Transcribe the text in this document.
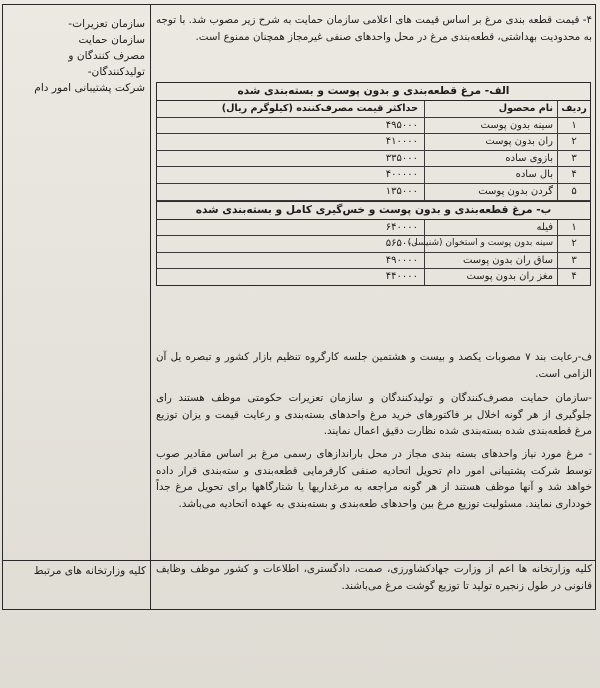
سازمان تعزیرات-
سازمان حمایت
مصرف کنندگان و
تولیدکنندگان-
شرکت پشتیبانی امور دام
۴- قیمت قطعه بندی مرغ بر اساس قیمت های اعلامی سازمان حمایت به شرح زیر مصوب شد. با توجه به محدودیت بهداشتی، قطعه‌بندی مرغ در محل واحدهای صنفی غیرمجاز همچنان ممنوع است.
الف- مرغ قطعه‌بندی و بدون پوست و بسته‌بندی شده
ردیف
نام محصول
حداکثر قیمت مصرف‌کننده (کیلوگرم ریال)
۱
سینه بدون پوست
۴۹۵۰۰۰
۲
ران بدون پوست
۴۱۰۰۰۰
۳
بازوی ساده
۳۳۵۰۰۰
۴
بال ساده
۴۰۰۰۰۰
۵
گردن بدون پوست
۱۳۵۰۰۰
ب- مرغ قطعه‌بندی و بدون پوست و خس‌گیری کامل و بسته‌بندی شده
۱
فیله
۶۴۰۰۰۰
۲
سینه بدون پوست و استخوان (شنیسل)
۵۶۵۰۰۰
۳
ساق ران بدون پوست
۴۹۰۰۰۰
۴
مغز ران بدون پوست
۴۴۰۰۰۰
ف-رعایت بند ۷ مصوبات یکصد و بیست و هشتمین جلسه کارگروه تنظیم بازار کشور و تبصره یل آن الزامی است.
-سازمان حمایت مصرف‌کنندگان و تولیدکنندگان و سازمان تعزیرات حکومتی موظف هستند رای جلوگیری از هر گونه اخلال بر فاکتورهای خرید مرغ واحدهای بسته‌بندی و رعایت قیمت و یزان توزیع مرغ قطعه‌بندی شده بسته‌بندی شده نظارت دقیق اعمال نمایند.
- مرغ مورد نیاز واحدهای بسته بندی مجاز در محل باراندازهای رسمی مرغ بر اساس مقادیر صوب توسط شرکت پشتیبانی امور دام تحویل اتحادیه صنفی کارفرمایی قطعه‌بندی و سته‌بندی قرار داده خواهد شد و آنها موظف هستند از هر گونه مراجعه به مرغداریها یا شتارگاهها برای تحویل مرغ جداً خودداری نمایند. مسئولیت توزیع مرغ بین واحدهای طعه‌بندی و بسته‌بندی به عهده اتحادیه می‌باشد.
کلیه وزارتخانه ها اعم از وزارت جهادکشاورزی، صمت، دادگستری، اطلاعات و کشور موظف وظایف قانونی در طول زنجیره تولید تا توزیع گوشت مرغ می‌باشند.
کلیه وزارتخانه های مرتبط
